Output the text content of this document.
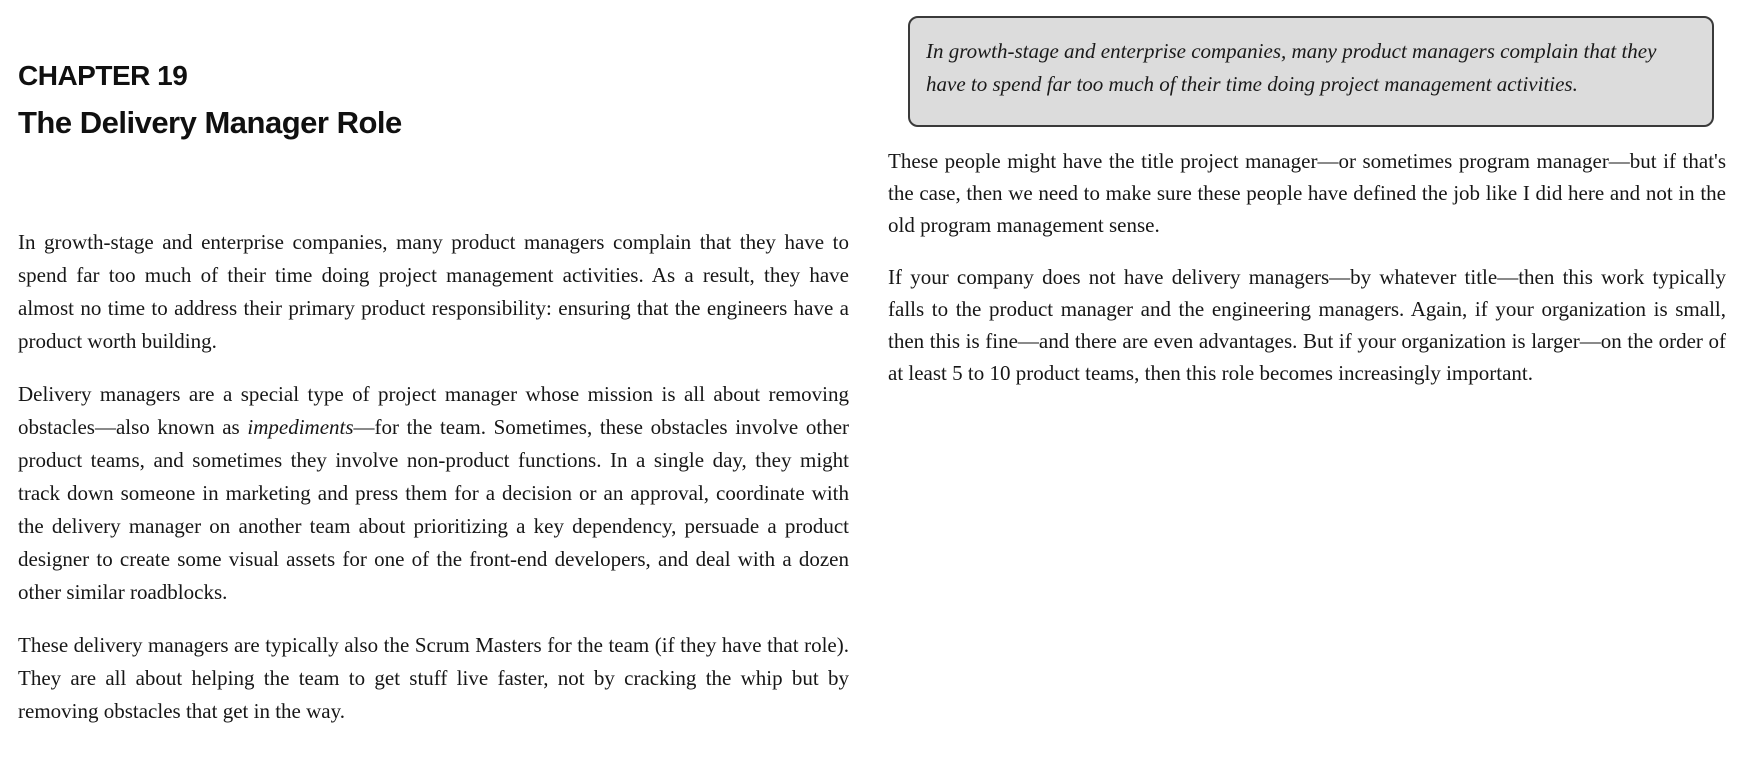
CHAPTER 19
The Delivery Manager Role

In growth-stage and enterprise companies, many product managers complain that they have to spend far too much of their time doing project management activities. As a result, they have almost no time to address their primary product responsibility: ensuring that the engineers have a product worth building.

Delivery managers are a special type of project manager whose mission is all about removing obstacles—also known as impediments—for the team. Sometimes, these obstacles involve other product teams, and sometimes they involve non-product functions. In a single day, they might track down someone in marketing and press them for a decision or an approval, coordinate with the delivery manager on another team about prioritizing a key dependency, persuade a product designer to create some visual assets for one of the front-end developers, and deal with a dozen other similar roadblocks.

These delivery managers are typically also the Scrum Masters for the team (if they have that role). They are all about helping the team to get stuff live faster, not by cracking the whip but by removing obstacles that get in the way.

In growth-stage and enterprise companies, many product managers complain that they have to spend far too much of their time doing project management activities.

These people might have the title project manager—or sometimes program manager—but if that's the case, then we need to make sure these people have defined the job like I did here and not in the old program management sense.

If your company does not have delivery managers—by whatever title—then this work typically falls to the product manager and the engineering managers. Again, if your organization is small, then this is fine—and there are even advantages. But if your organization is larger—on the order of at least 5 to 10 product teams, then this role becomes increasingly important.
